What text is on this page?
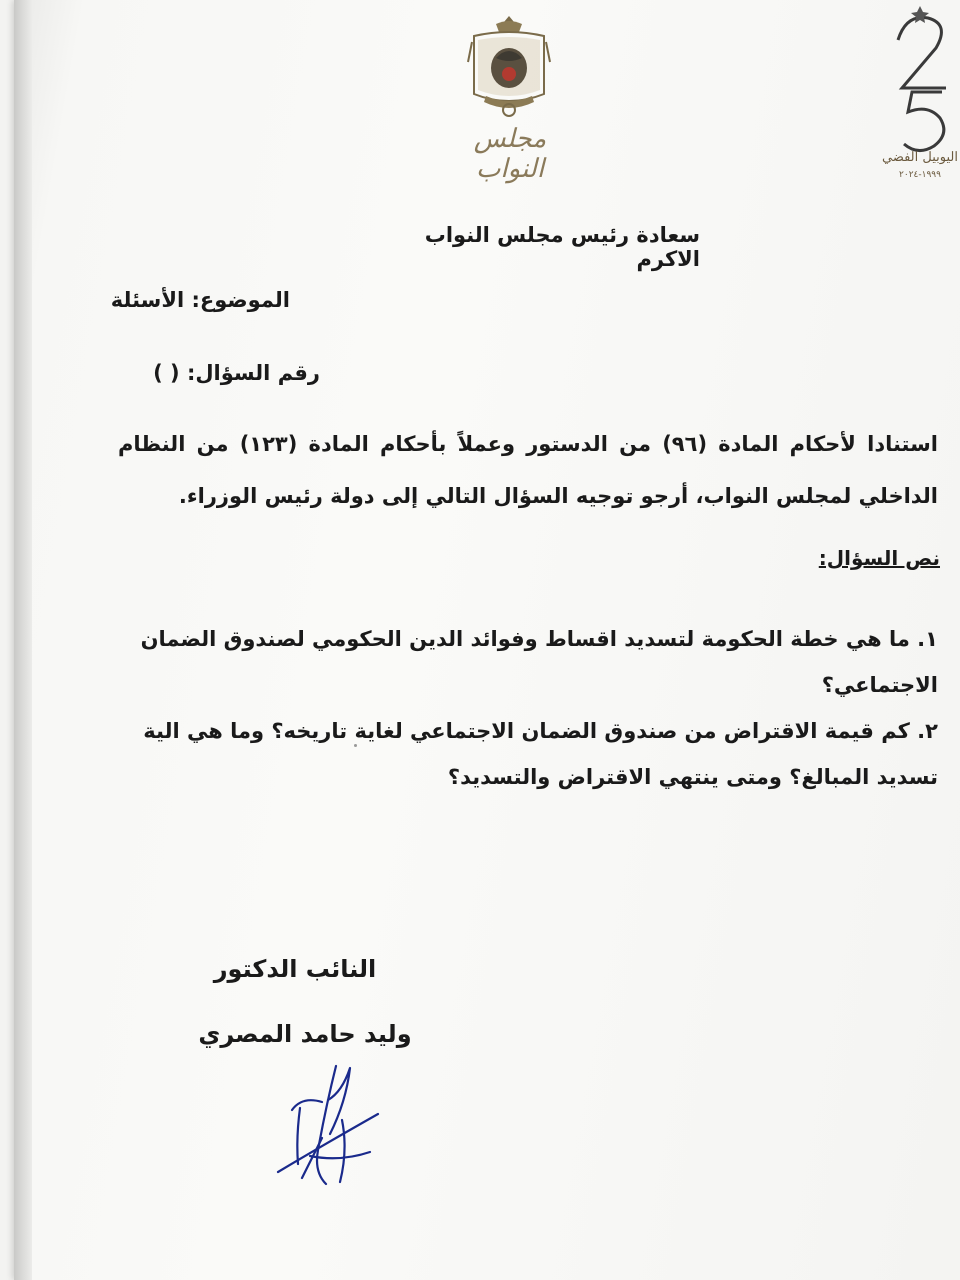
مجلس النواب	اليوبيل الفضي
١٩٩٩-٢٠٢٤
سعادة رئيس مجلس النواب الاكرم
الموضوع: الأسئلة
رقم السؤال: ( )
استنادا لأحكام المادة (٩٦) من الدستور وعملاً بأحكام المادة (١٢٣) من النظام الداخلي لمجلس النواب، أرجو توجيه السؤال التالي إلى دولة رئيس الوزراء.
نص السؤال:
١. ما هي خطة الحكومة لتسديد اقساط وفوائد الدين الحكومي لصندوق الضمان الاجتماعي؟
٢. كم قيمة الاقتراض من صندوق الضمان الاجتماعي لغاية تاريخه؟ وما هي الية تسديد المبالغ؟ ومتى ينتهي الاقتراض والتسديد؟
النائب الدكتور
وليد حامد المصري
